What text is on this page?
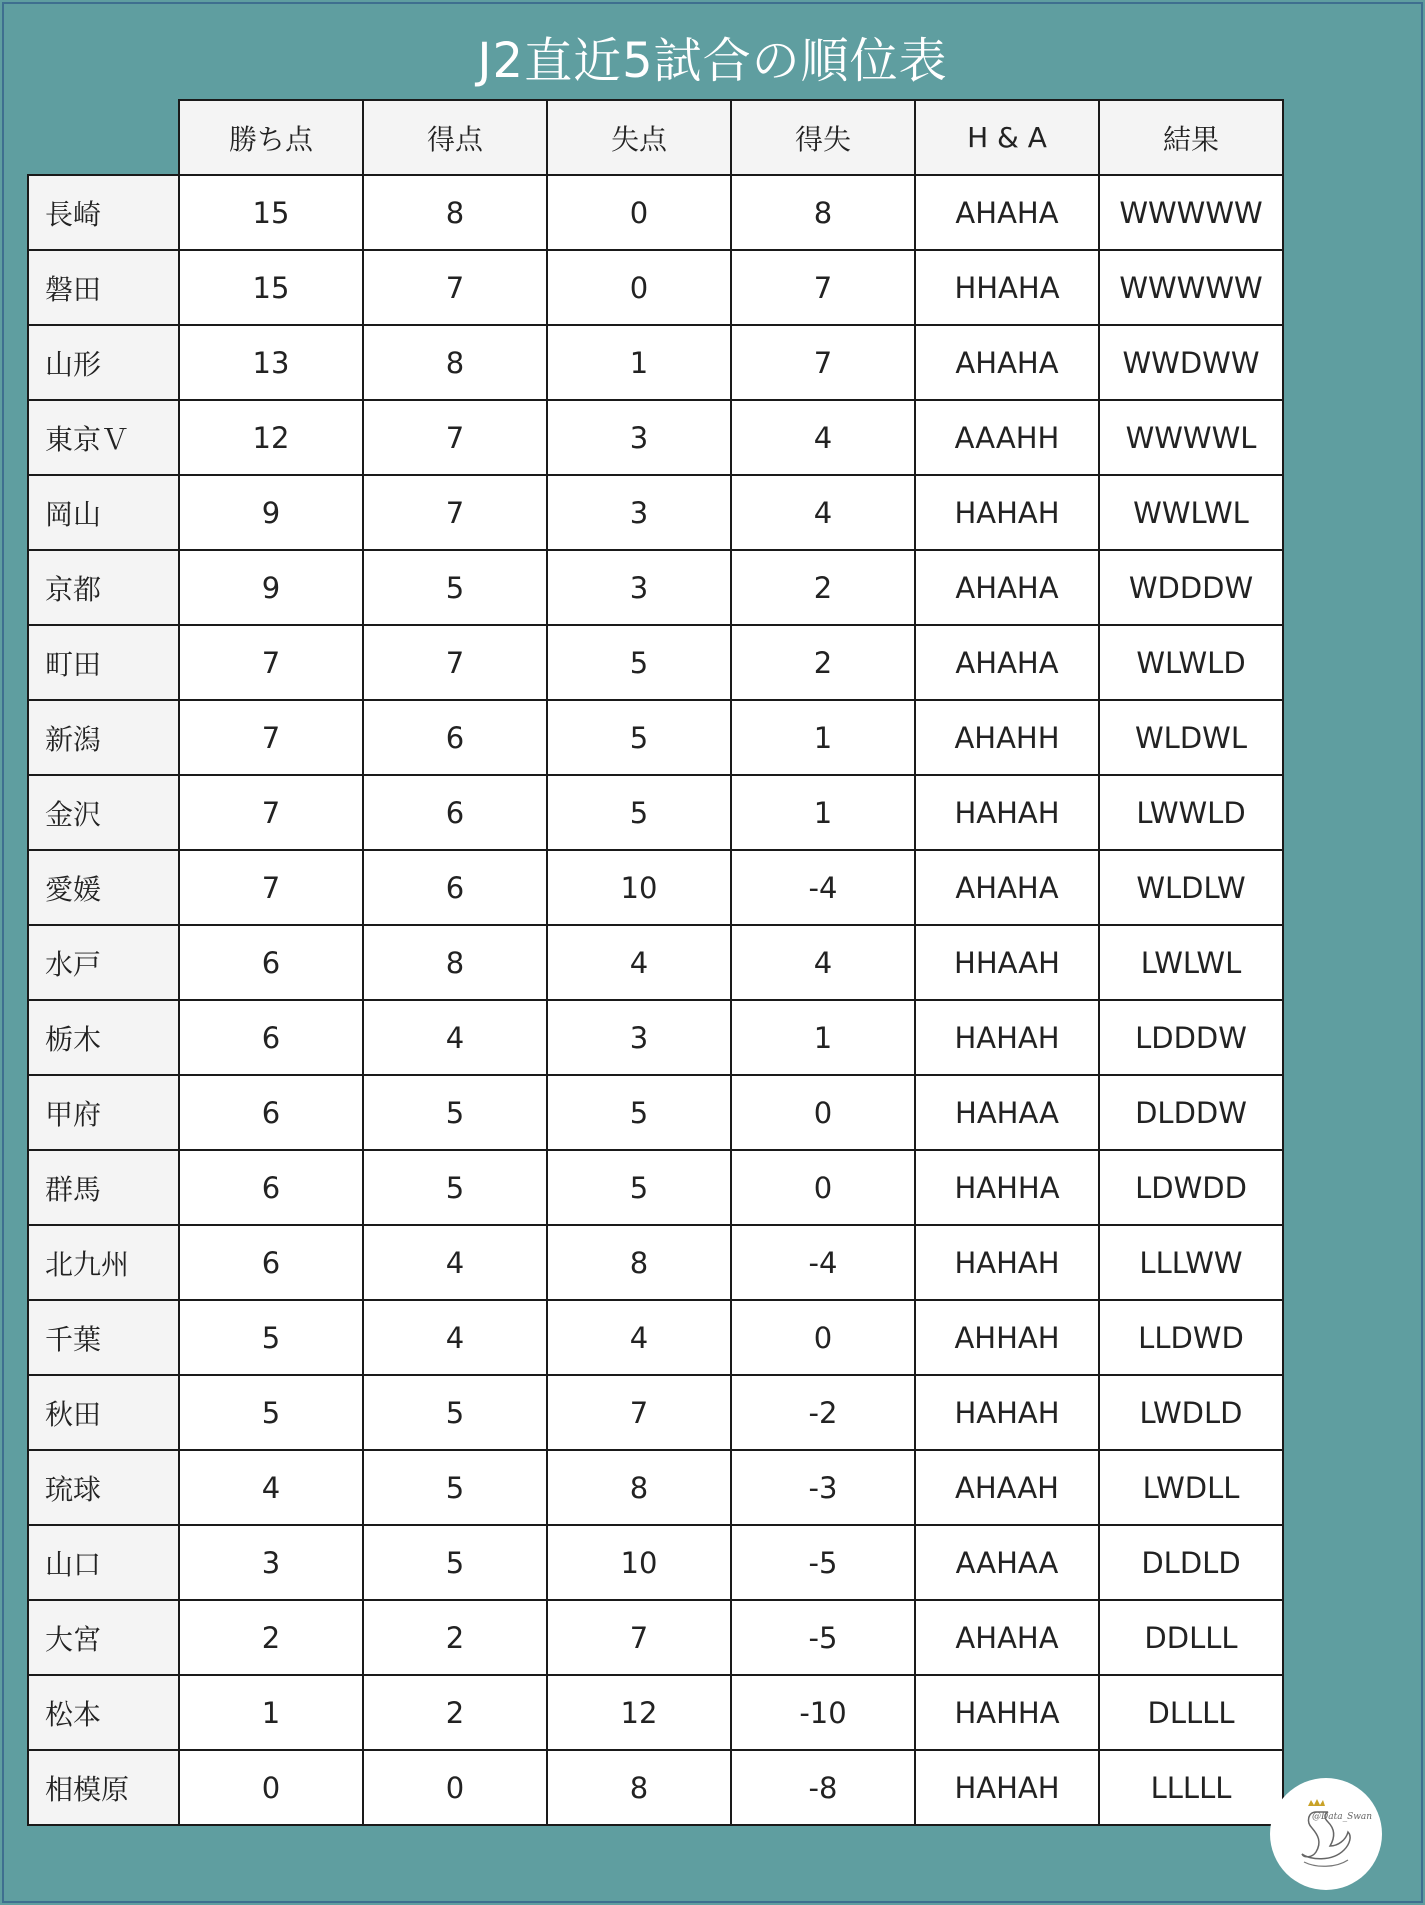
J2直近5試合の順位表
	勝ち点	得点	失点	得失	H & A	結果
長崎	15	8	0	8	AHAHA	WWWWW
磐田	15	7	0	7	HHAHA	WWWWW
山形	13	8	1	7	AHAHA	WWDWW
東京Ｖ	12	7	3	4	AAAHH	WWWWL
岡山	9	7	3	4	HAHAH	WWLWL
京都	9	5	3	2	AHAHA	WDDDW
町田	7	7	5	2	AHAHA	WLWLD
新潟	7	6	5	1	AHAHH	WLDWL
金沢	7	6	5	1	HAHAH	LWWLD
愛媛	7	6	10	-4	AHAHA	WLDLW
水戸	6	8	4	4	HHAAH	LWLWL
栃木	6	4	3	1	HAHAH	LDDDW
甲府	6	5	5	0	HAHAA	DLDDW
群馬	6	5	5	0	HAHHA	LDWDD
北九州	6	4	8	-4	HAHAH	LLLWW
千葉	5	4	4	0	AHHAH	LLDWD
秋田	5	5	7	-2	HAHAH	LWDLD
琉球	4	5	8	-3	AHAAH	LWDLL
山口	3	5	10	-5	AAHAA	DLDLD
大宮	2	2	7	-5	AHAHA	DDLLL
松本	1	2	12	-10	HAHHA	DLLLL
相模原	0	0	8	-8	HAHAH	LLLLL
@Data_Swan
